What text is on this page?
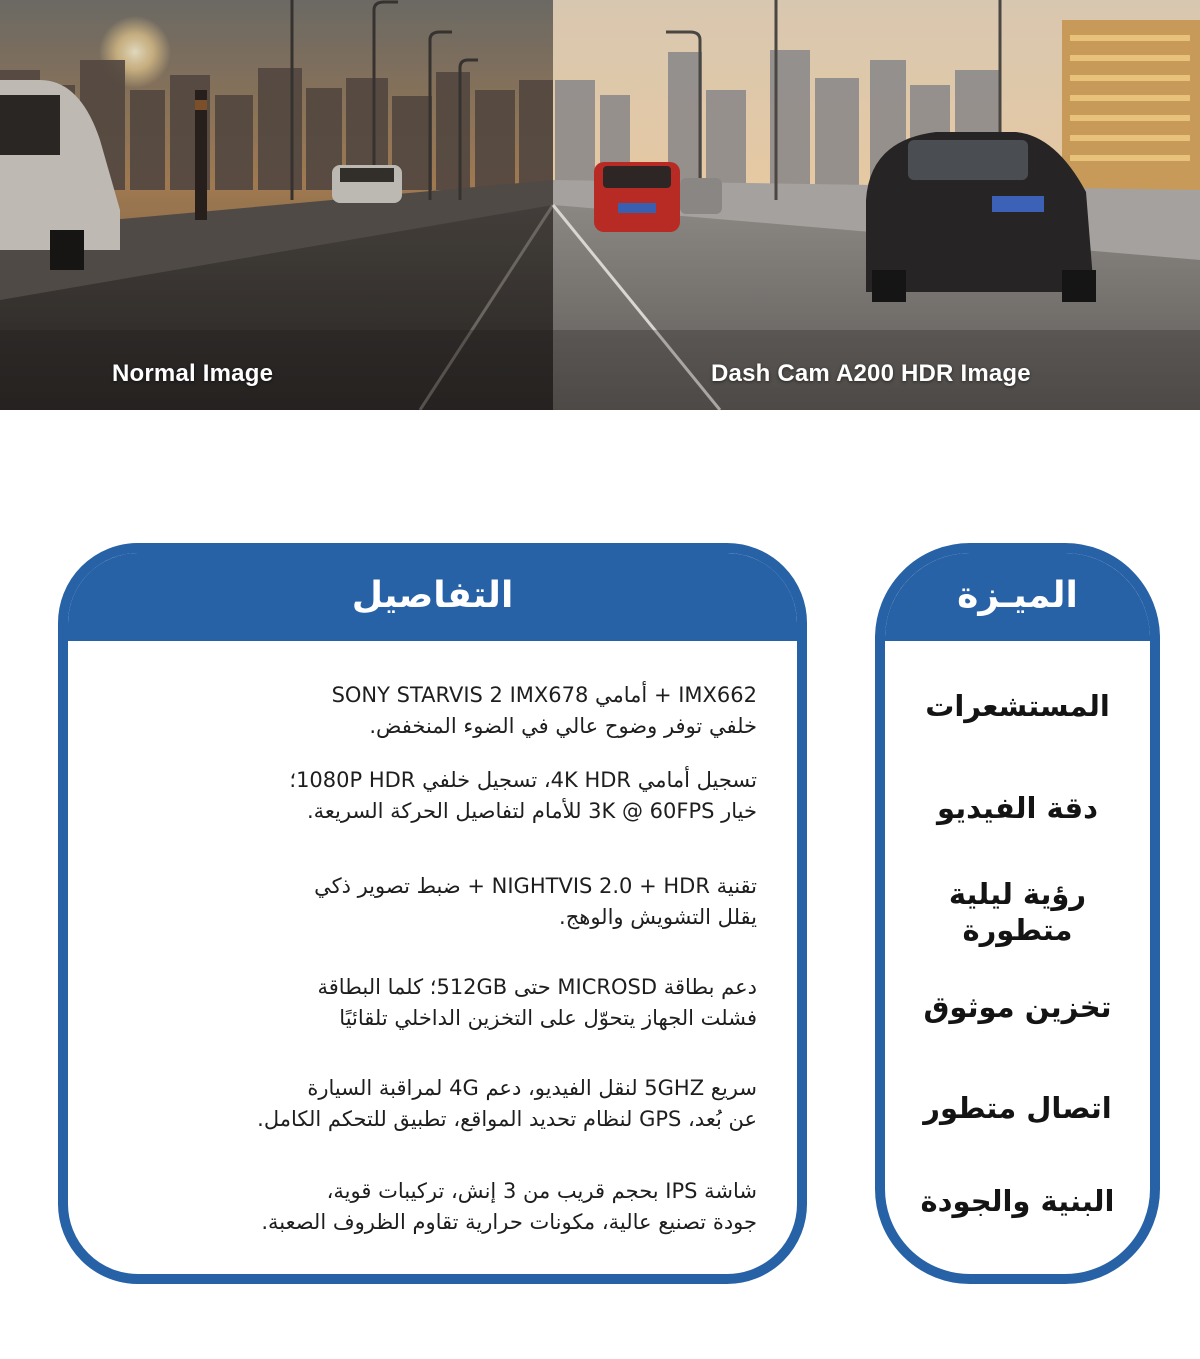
Normal Image	Dash Cam A200 HDR Image
التفاصيل
IMX662 + أمامي SONY STARVIS 2 IMX678
خلفي توفر وضوح عالي في الضوء المنخفض.
تسجيل أمامي 4K HDR، تسجيل خلفي 1080P HDR؛
خيار 3K @ 60FPS للأمام لتفاصيل الحركة السريعة.
تقنية NIGHTVIS 2.0 + HDR + ضبط تصوير ذكي
يقلل التشويش والوهج.
دعم بطاقة MICROSD حتى 512GB؛ كلما البطاقة
فشلت الجهاز يتحوّل على التخزين الداخلي تلقائيًا
سريع 5GHZ لنقل الفيديو، دعم 4G لمراقبة السيارة
عن بُعد، GPS لنظام تحديد المواقع، تطبيق للتحكم الكامل.
شاشة IPS بحجم قريب من 3 إنش، تركيبات قوية،
جودة تصنيع عالية، مكونات حرارية تقاوم الظروف الصعبة.
الميـزة
المستشعرات
دقة الفيديو
رؤية ليلية
متطورة
تخزين موثوق
اتصال متطور
البنية والجودة
